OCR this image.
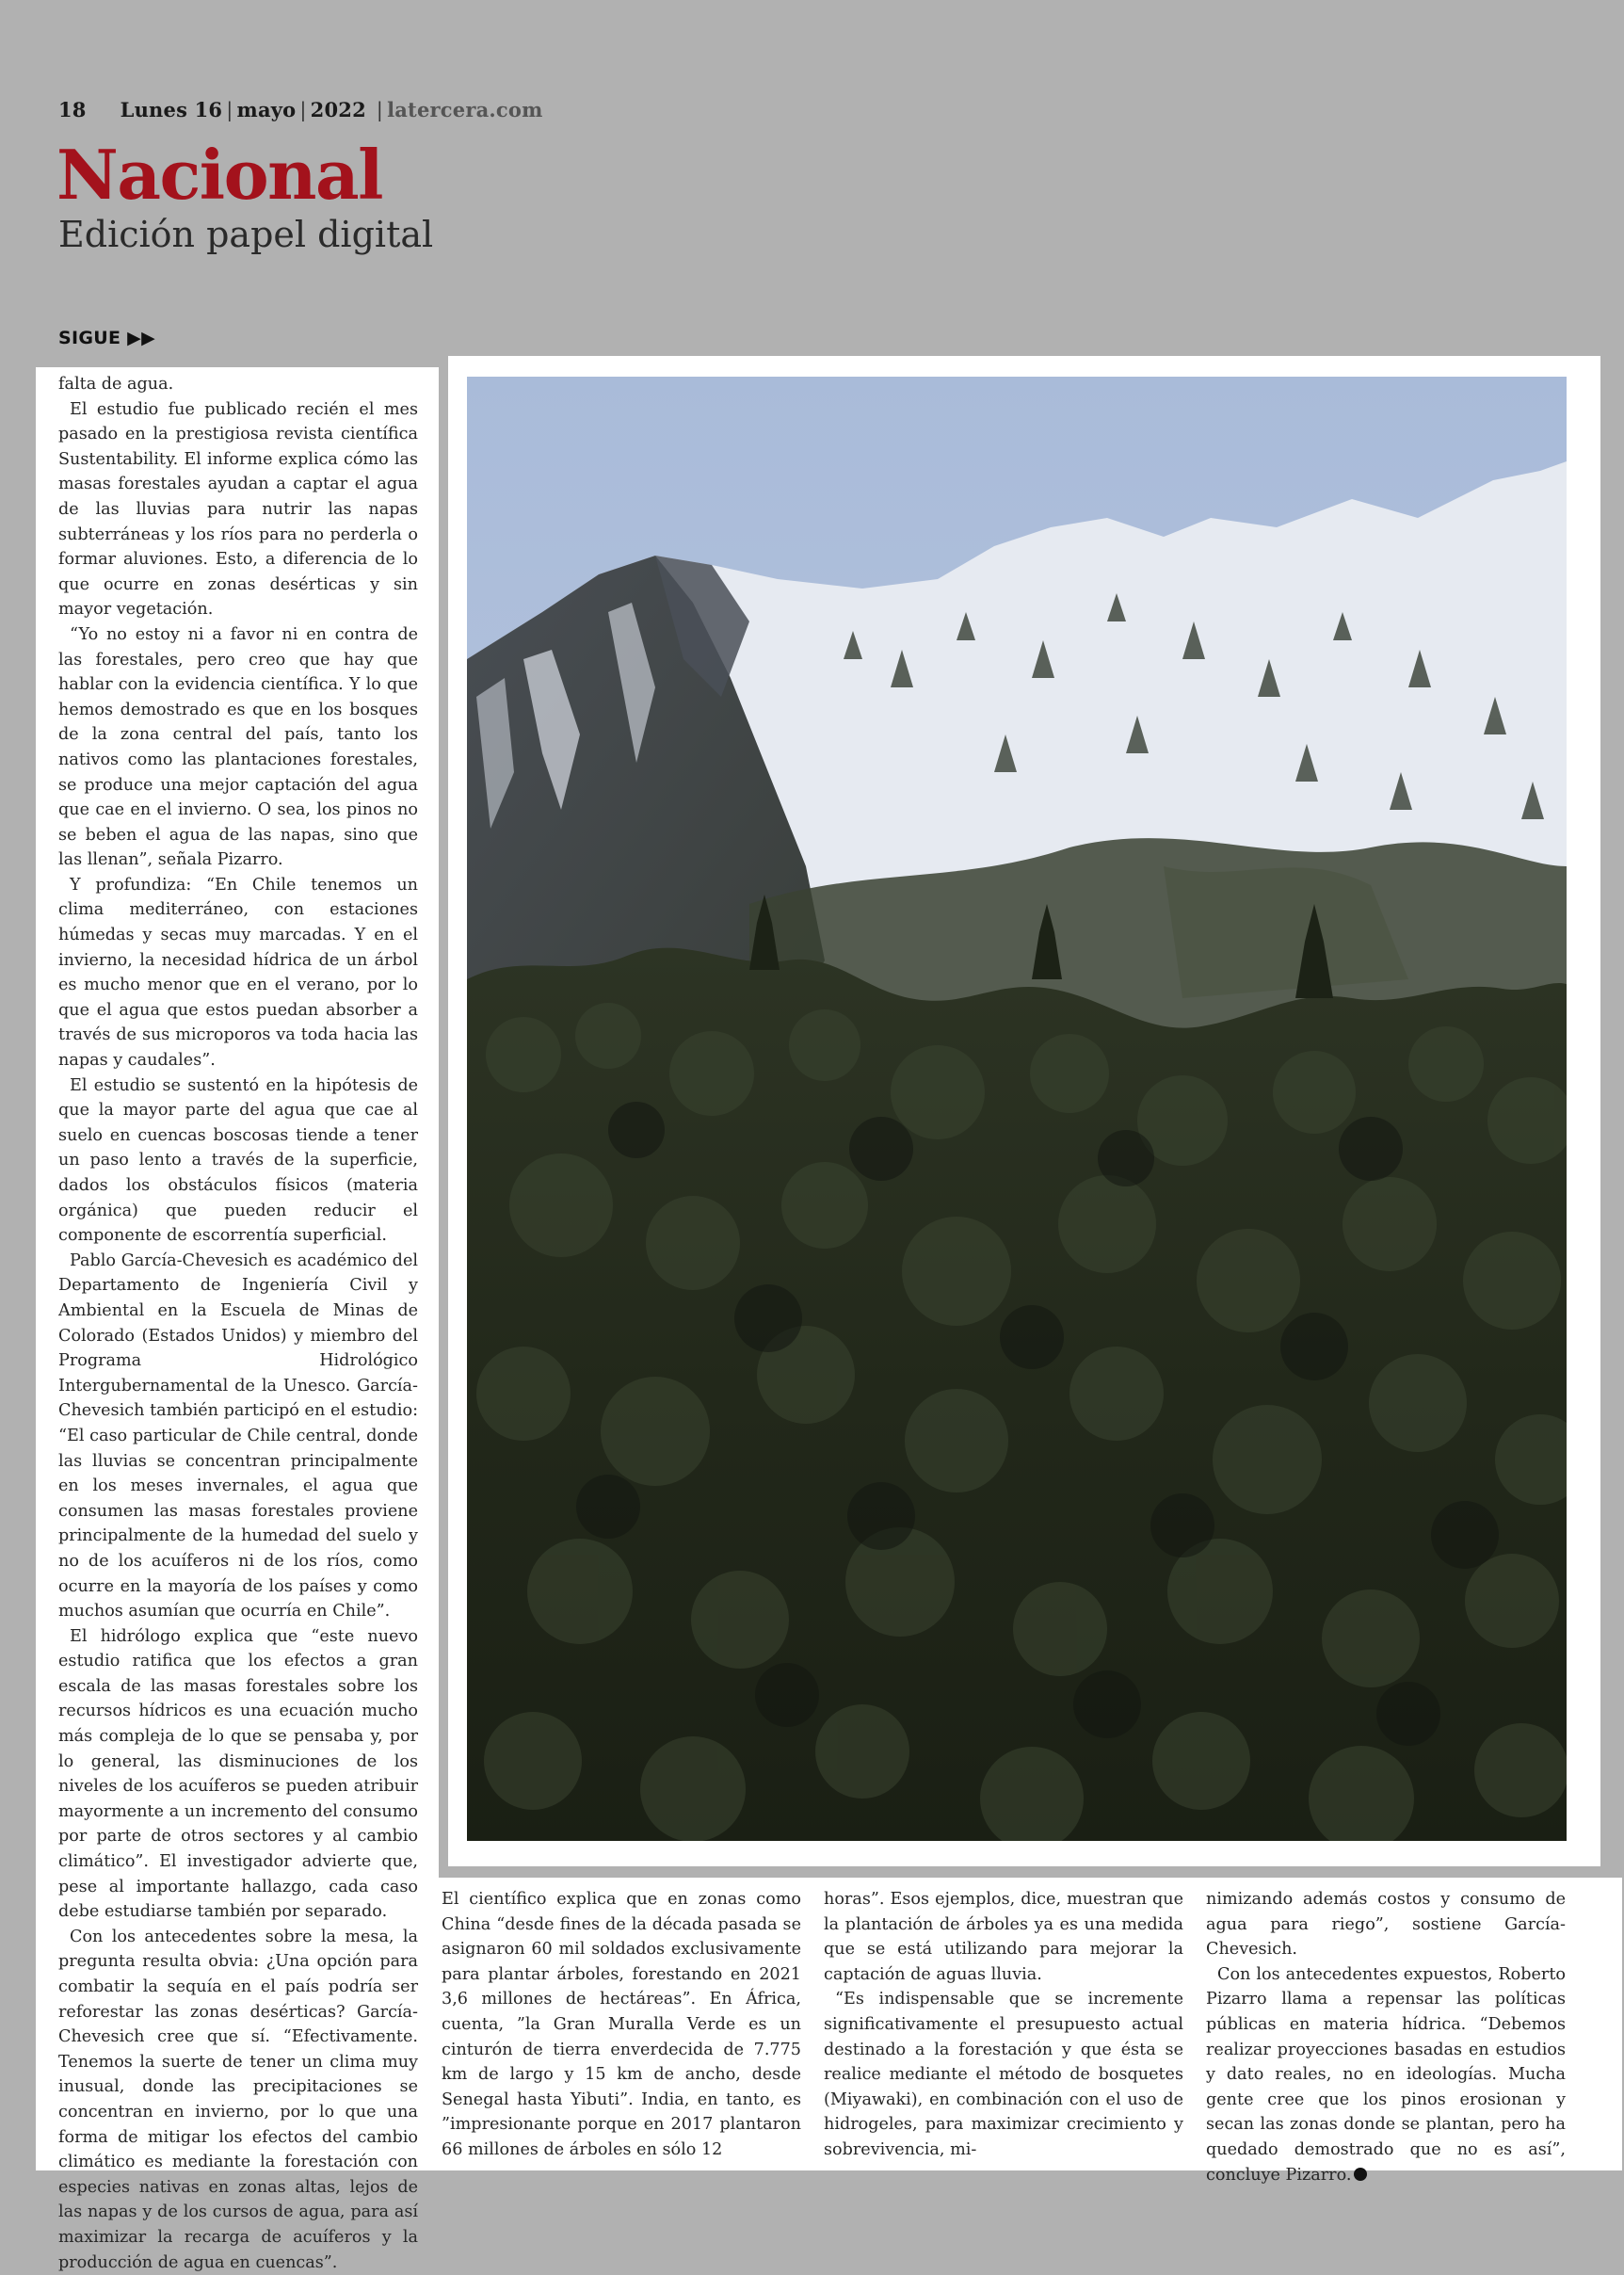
18 Lunes 16 | mayo | 2022 | latercera.com
Nacional
Edición papel digital
SIGUE ▶▶

falta de agua.

El estudio fue publicado recién el mes pasado en la prestigiosa revista científica Sustentability. El informe explica cómo las masas forestales ayudan a captar el agua de las lluvias para nutrir las napas subterráneas y los ríos para no perderla o formar aluviones. Esto, a diferencia de lo que ocurre en zonas desérticas y sin mayor vegetación.

“Yo no estoy ni a favor ni en contra de las forestales, pero creo que hay que hablar con la evidencia científica. Y lo que hemos demostrado es que en los bosques de la zona central del país, tanto los nativos como las plantaciones forestales, se produce una mejor captación del agua que cae en el invierno. O sea, los pinos no se beben el agua de las napas, sino que las llenan”, señala Pizarro.

Y profundiza: “En Chile tenemos un clima mediterráneo, con estaciones húmedas y secas muy marcadas. Y en el invierno, la necesidad hídrica de un árbol es mucho menor que en el verano, por lo que el agua que estos puedan absorber a través de sus microporos va toda hacia las napas y caudales”.

El estudio se sustentó en la hipótesis de que la mayor parte del agua que cae al suelo en cuencas boscosas tiende a tener un paso lento a través de la superficie, dados los obstáculos físicos (materia orgánica) que pueden reducir el componente de escorrentía superficial.

Pablo García-Chevesich es académico del Departamento de Ingeniería Civil y Ambiental en la Escuela de Minas de Colorado (Estados Unidos) y miembro del Programa Hidrológico Intergubernamental de la Unesco. García-Chevesich también participó en el estudio: “El caso particular de Chile central, donde las lluvias se concentran principalmente en los meses invernales, el agua que consumen las masas forestales proviene principalmente de la humedad del suelo y no de los acuíferos ni de los ríos, como ocurre en la mayoría de los países y como muchos asumían que ocurría en Chile”.

El hidrólogo explica que “este nuevo estudio ratifica que los efectos a gran escala de las masas forestales sobre los recursos hídricos es una ecuación mucho más compleja de lo que se pensaba y, por lo general, las disminuciones de los niveles de los acuíferos se pueden atribuir mayormente a un incremento del consumo por parte de otros sectores y al cambio climático”. El investigador advierte que, pese al importante hallazgo, cada caso debe estudiarse también por separado.

Con los antecedentes sobre la mesa, la pregunta resulta obvia: ¿Una opción para combatir la sequía en el país podría ser reforestar las zonas desérticas? García-Chevesich cree que sí. “Efectivamente. Tenemos la suerte de tener un clima muy inusual, donde las precipitaciones se concentran en invierno, por lo que una forma de mitigar los efectos del cambio climático es mediante la forestación con especies nativas en zonas altas, lejos de las napas y de los cursos de agua, para así maximizar la recarga de acuíferos y la producción de agua en cuencas”.

El científico explica que en zonas como China “desde fines de la década pasada se asignaron 60 mil soldados exclusivamente para plantar árboles, forestando en 2021 3,6 millones de hectáreas”. En África, cuenta, ”la Gran Muralla Verde es un cinturón de tierra enverdecida de 7.775 km de largo y 15 km de ancho, desde Senegal hasta Yibuti”. India, en tanto, es ”impresionante porque en 2017 plantaron 66 millones de árboles en sólo 12

horas”. Esos ejemplos, dice, muestran que la plantación de árboles ya es una medida que se está utilizando para mejorar la captación de aguas lluvia.

“Es indispensable que se incremente significativamente el presupuesto actual destinado a la forestación y que ésta se realice mediante el método de bosquetes (Miyawaki), en combinación con el uso de hidrogeles, para maximizar crecimiento y sobrevivencia, mi-

nimizando además costos y consumo de agua para riego”, sostiene García-Chevesich.

Con los antecedentes expuestos, Roberto Pizarro llama a repensar las políticas públicas en materia hídrica. “Debemos realizar proyecciones basadas en estudios y dato reales, no en ideologías. Mucha gente cree que los pinos erosionan y secan las zonas donde se plantan, pero ha quedado demostrado que no es así”, concluye Pizarro.
